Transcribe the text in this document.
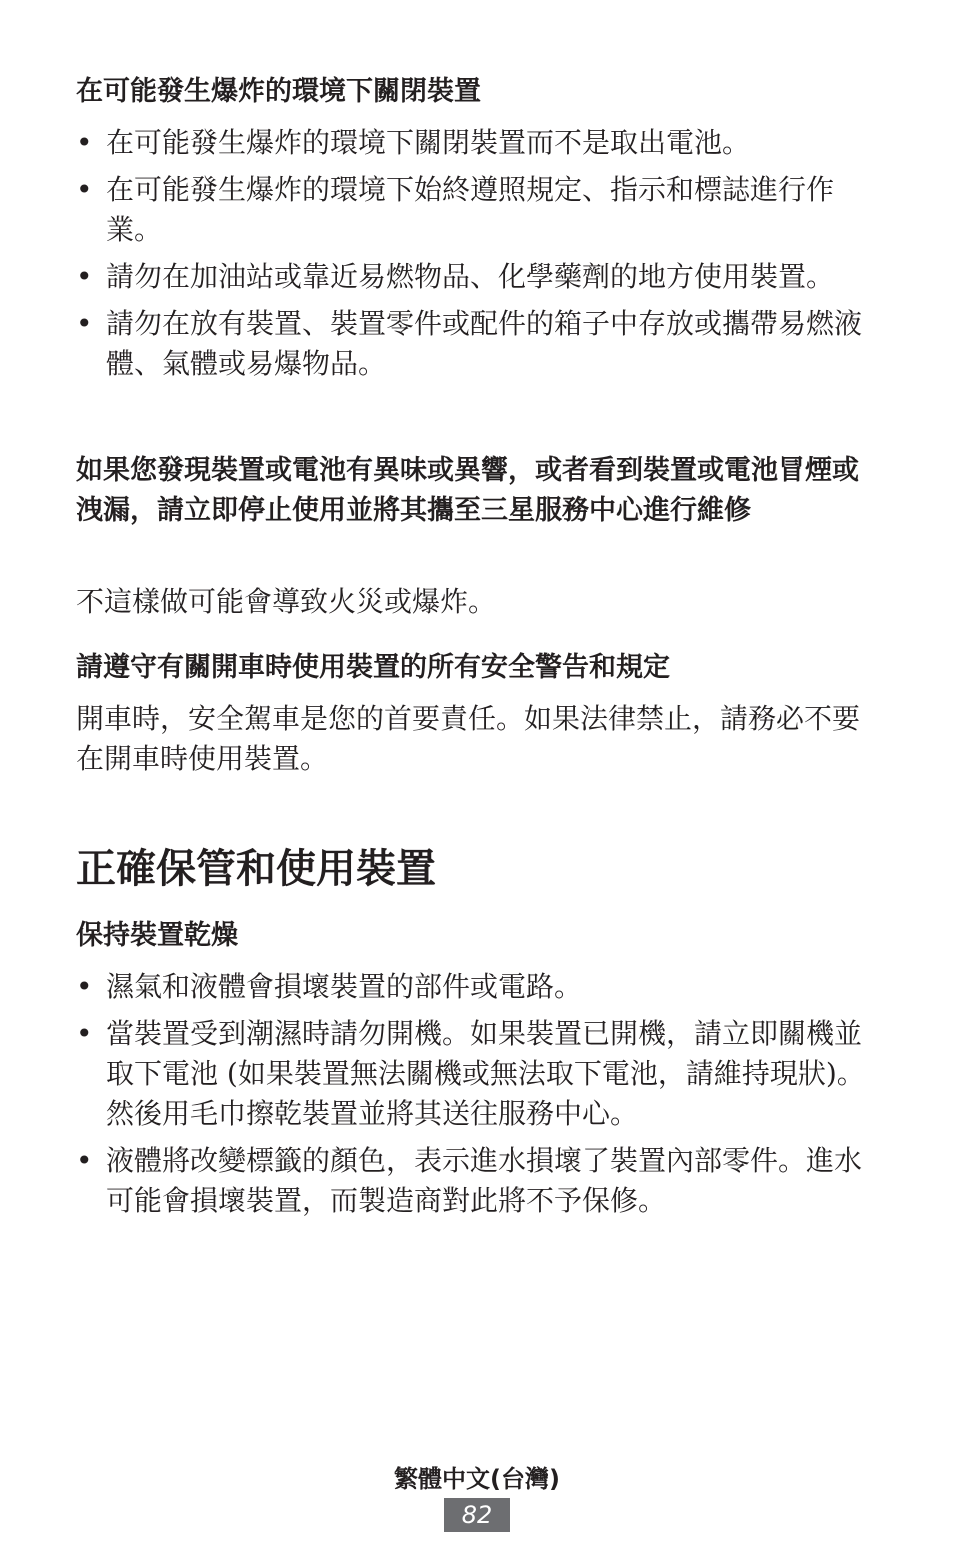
在可能發生爆炸的環境下關閉裝置
• 在可能發生爆炸的環境下關閉裝置而不是取出電池。
• 在可能發生爆炸的環境下始終遵照規定、指示和標誌進行作業。
• 請勿在加油站或靠近易燃物品、化學藥劑的地方使用裝置。
• 請勿在放有裝置、裝置零件或配件的箱子中存放或攜帶易燃液體、氣體或易爆物品。
如果您發現裝置或電池有異味或異響，或者看到裝置或電池冒煙或洩漏，請立即停止使用並將其攜至三星服務中心進行維修

不這樣做可能會導致火災或爆炸。

請遵守有關開車時使用裝置的所有安全警告和規定

開車時，安全駕車是您的首要責任。如果法律禁止，請務必不要在開車時使用裝置。

正確保管和使用裝置
保持裝置乾燥
• 濕氣和液體會損壞裝置的部件或電路。
• 當裝置受到潮濕時請勿開機。如果裝置已開機，請立即關機並取下電池 (如果裝置無法關機或無法取下電池，請維持現狀)。然後用毛巾擦乾裝置並將其送往服務中心。
• 液體將改變標籤的顏色，表示進水損壞了裝置內部零件。進水可能會損壞裝置，而製造商對此將不予保修。
繁體中文(台灣)
82
